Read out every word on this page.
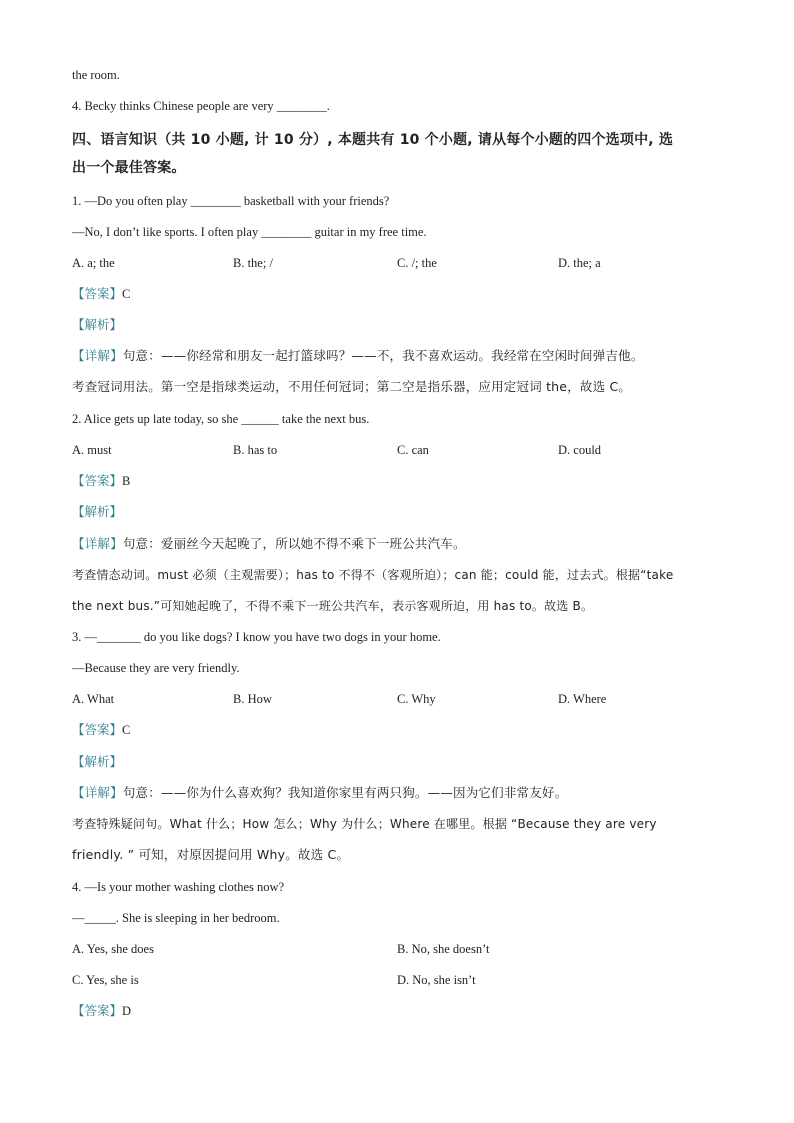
the room.
4. Becky thinks Chinese people are very ________.
四、语言知识（共 10 小题, 计 10 分）, 本题共有 10 个小题, 请从每个小题的四个选项中, 选
出一个最佳答案。
1. —Do you often play ________ basketball with your friends?
—No, I don’t like sports. I often play ________ guitar in my free time.
A. a; the	B. the; /	C. /; the	D. the; a
【答案】C
【解析】
【详解】句意：——你经常和朋友一起打篮球吗？——不，我不喜欢运动。我经常在空闲时间弹吉他。
考查冠词用法。第一空是指球类运动，不用任何冠词；第二空是指乐器，应用定冠词 the，故选 C。
2. Alice gets up late today, so she ______ take the next bus.
A. must	B. has to	C. can	D. could
【答案】B
【解析】
【详解】句意：爱丽丝今天起晚了，所以她不得不乘下一班公共汽车。
考查情态动词。must 必须（主观需要）；has to 不得不（客观所迫）；can 能；could 能，过去式。根据“take
the next bus.”可知她起晚了，不得不乘下一班公共汽车，表示客观所迫，用 has to。故选 B。
3. —_______ do you like dogs? I know you have two dogs in your home.
—Because they are very friendly.
A. What	B. How	C. Why	D. Where
【答案】C
【解析】
【详解】句意：——你为什么喜欢狗？我知道你家里有两只狗。——因为它们非常友好。
考查特殊疑问句。What 什么；How 怎么；Why 为什么；Where 在哪里。根据 “Because they are very
friendly. ” 可知，对原因提问用 Why。故选 C。
4. —Is your mother washing clothes now?
—_____. She is sleeping in her bedroom.
A. Yes, she does	B. No, she doesn’t
C. Yes, she is	D. No, she isn’t
【答案】D
